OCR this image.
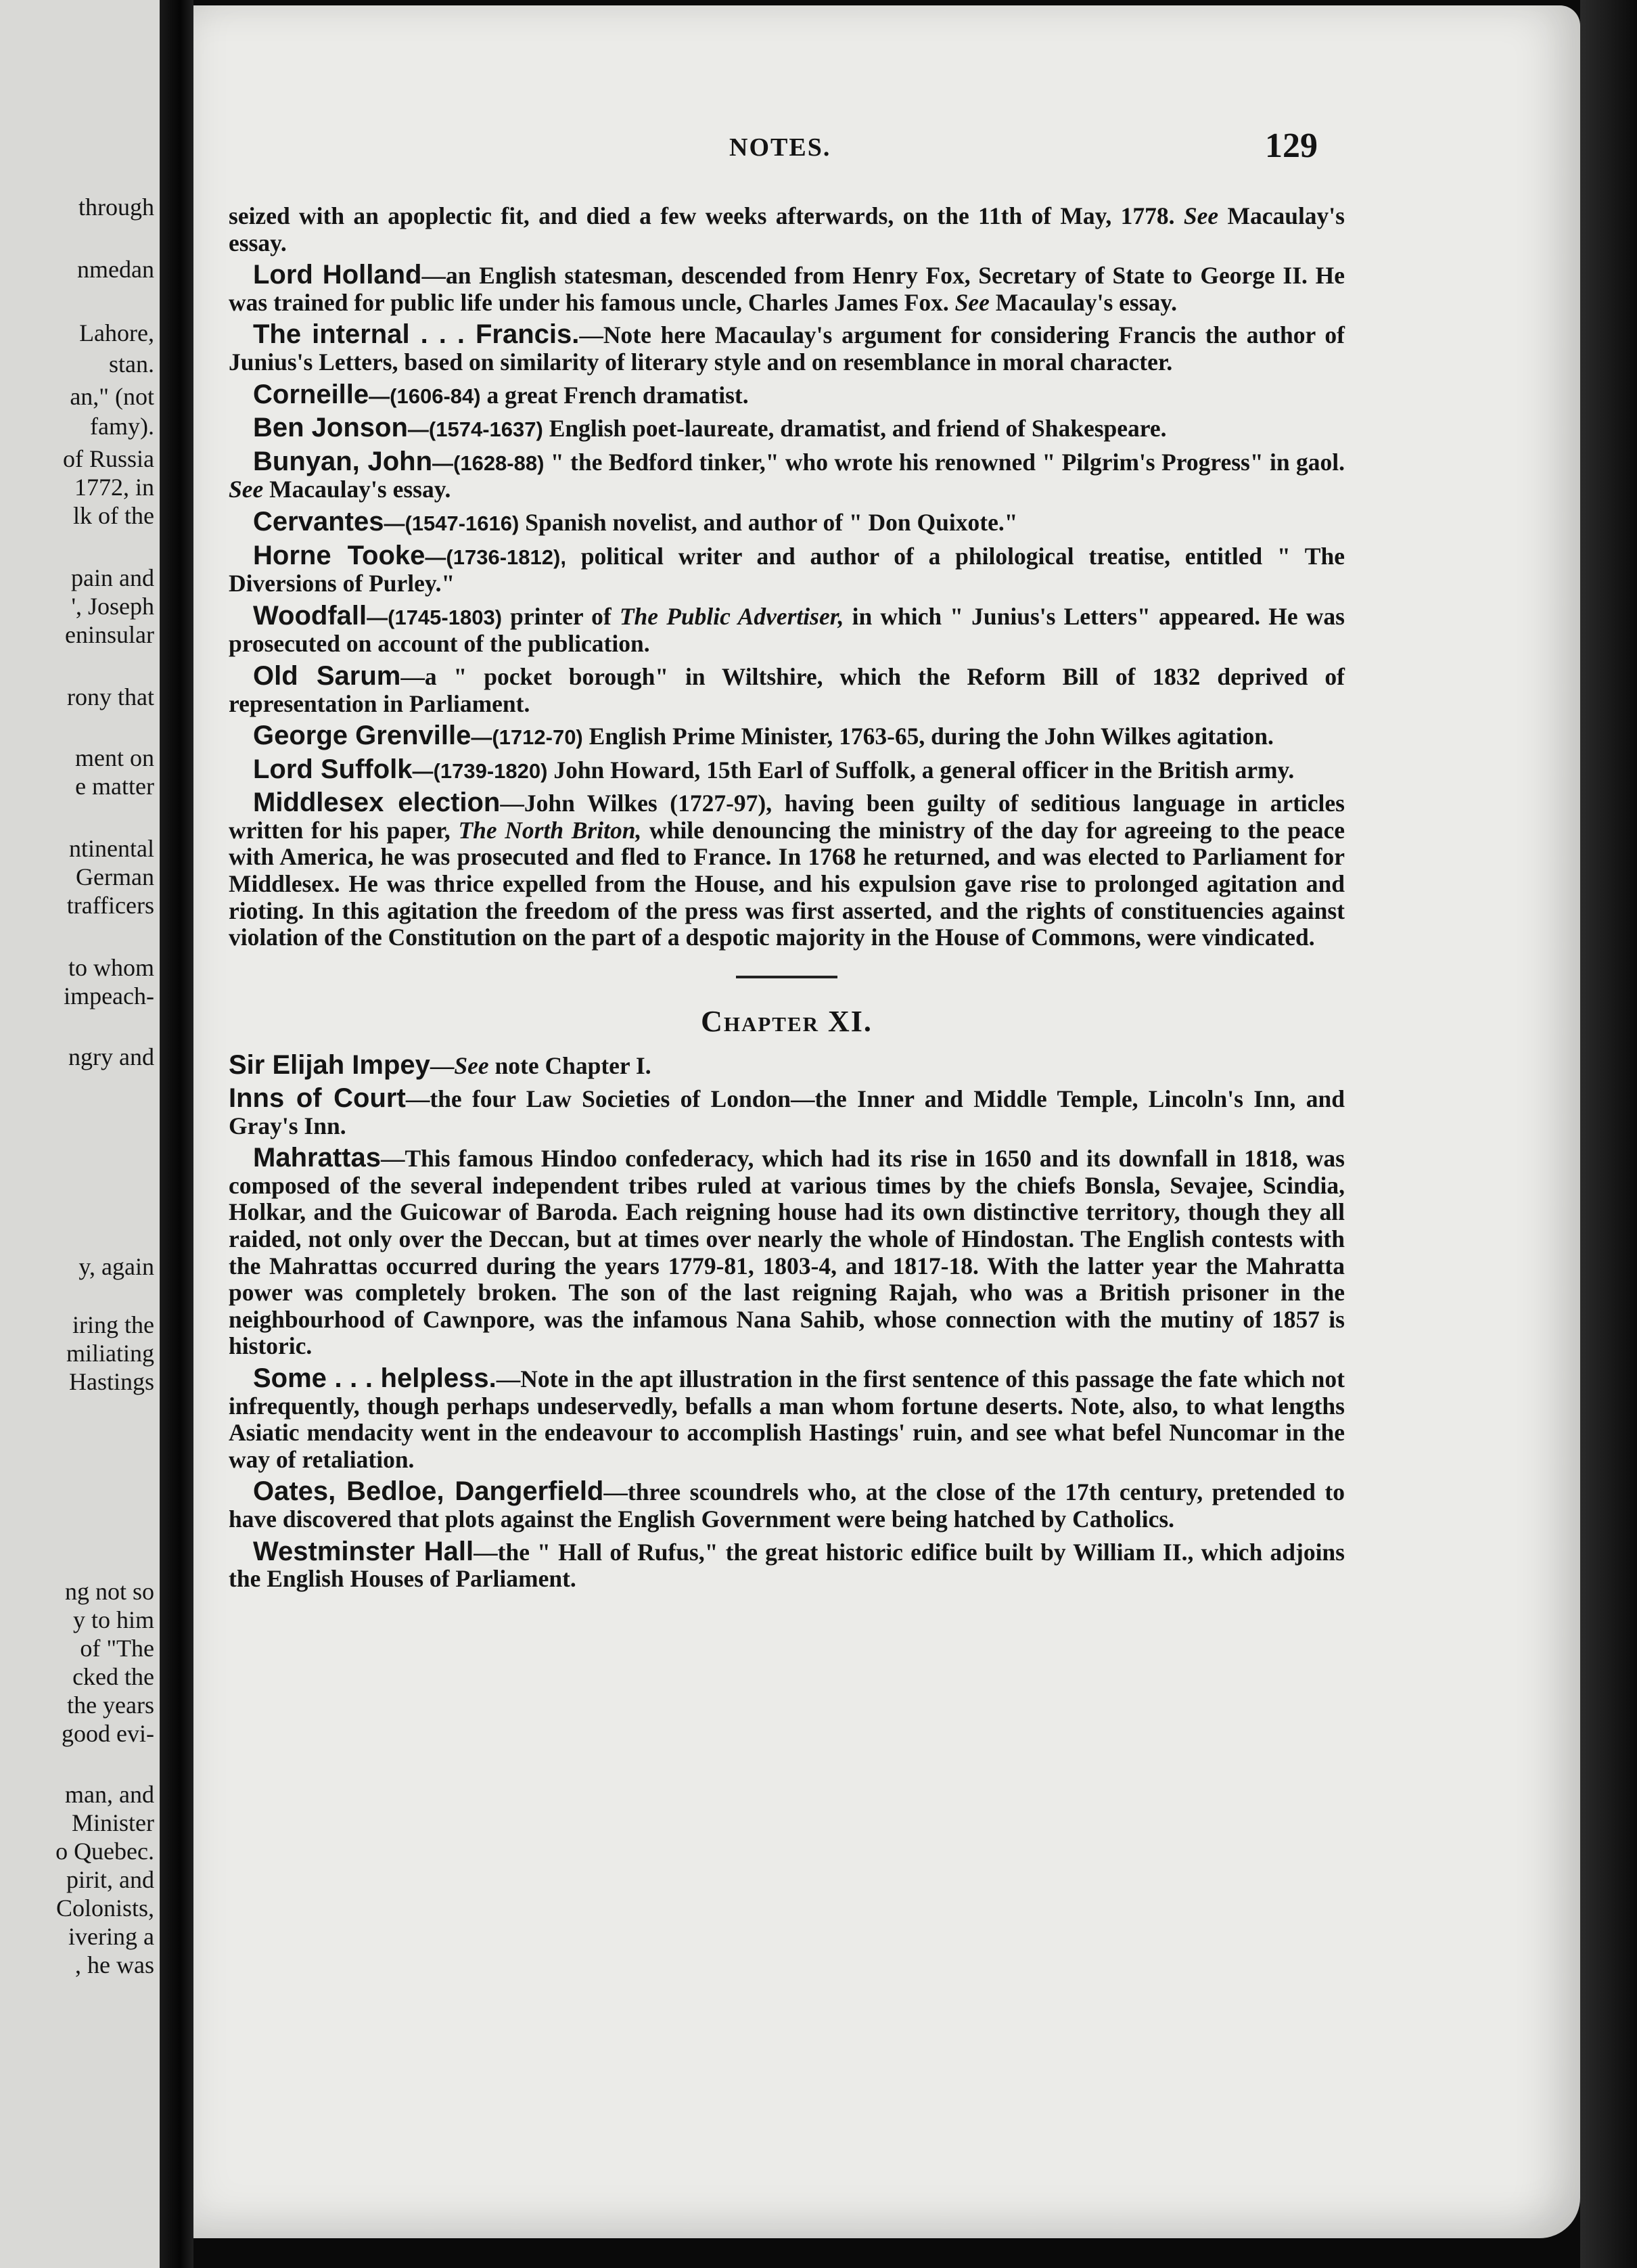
through
nmedan
Lahore,
stan.
an," (not
famy).
of Russia
1772, in
lk of the
pain and
', Joseph
eninsular
rony that
ment on
e matter
ntinental
German
trafficers
to whom
impeach-
ngry and
y, again
iring the
miliating
Hastings
ng not so
y to him
of "The
cked the
the years
good evi-
man, and
Minister
o Quebec.
pirit, and
Colonists,
ivering a
, he was
NOTES.	129

seized with an apoplectic fit, and died a few weeks afterwards, on the 11th of May, 1778. See Macaulay's essay.

Lord Holland—an English statesman, descended from Henry Fox, Secretary of State to George II. He was trained for public life under his famous uncle, Charles James Fox. See Macaulay's essay.

The internal . . . Francis.—Note here Macaulay's argument for considering Francis the author of Junius's Letters, based on similarity of literary style and on resemblance in moral character.

Corneille—(1606-84) a great French dramatist.

Ben Jonson—(1574-1637) English poet-laureate, dramatist, and friend of Shakespeare.

Bunyan, John—(1628-88) " the Bedford tinker," who wrote his renowned " Pilgrim's Progress" in gaol. See Macaulay's essay.

Cervantes—(1547-1616) Spanish novelist, and author of " Don Quixote."

Horne Tooke—(1736-1812), political writer and author of a philological treatise, entitled " The Diversions of Purley."

Woodfall—(1745-1803) printer of The Public Advertiser, in which " Junius's Letters" appeared. He was prosecuted on account of the publication.

Old Sarum—a " pocket borough" in Wiltshire, which the Reform Bill of 1832 deprived of representation in Parliament.

George Grenville—(1712-70) English Prime Minister, 1763-65, during the John Wilkes agitation.

Lord Suffolk—(1739-1820) John Howard, 15th Earl of Suffolk, a general officer in the British army.

Middlesex election—John Wilkes (1727-97), having been guilty of seditious language in articles written for his paper, The North Briton, while denouncing the ministry of the day for agreeing to the peace with America, he was prosecuted and fled to France. In 1768 he returned, and was elected to Parliament for Middlesex. He was thrice expelled from the House, and his expulsion gave rise to prolonged agitation and rioting. In this agitation the freedom of the press was first asserted, and the rights of constituencies against violation of the Constitution on the part of a despotic majority in the House of Commons, were vindicated.

Chapter XI.

Sir Elijah Impey—See note Chapter I.

Inns of Court—the four Law Societies of London—the Inner and Middle Temple, Lincoln's Inn, and Gray's Inn.

Mahrattas—This famous Hindoo confederacy, which had its rise in 1650 and its downfall in 1818, was composed of the several independent tribes ruled at various times by the chiefs Bonsla, Sevajee, Scindia, Holkar, and the Guicowar of Baroda. Each reigning house had its own distinctive territory, though they all raided, not only over the Deccan, but at times over nearly the whole of Hindostan. The English contests with the Mahrattas occurred during the years 1779-81, 1803-4, and 1817-18. With the latter year the Mahratta power was completely broken. The son of the last reigning Rajah, who was a British prisoner in the neighbourhood of Cawnpore, was the infamous Nana Sahib, whose connection with the mutiny of 1857 is historic.

Some . . . helpless.—Note in the apt illustration in the first sentence of this passage the fate which not infrequently, though perhaps undeservedly, befalls a man whom fortune deserts. Note, also, to what lengths Asiatic mendacity went in the endeavour to accomplish Hastings' ruin, and see what befel Nuncomar in the way of retaliation.

Oates, Bedloe, Dangerfield—three scoundrels who, at the close of the 17th century, pretended to have discovered that plots against the English Government were being hatched by Catholics.

Westminster Hall—the " Hall of Rufus," the great historic edifice built by William II., which adjoins the English Houses of Parliament.
